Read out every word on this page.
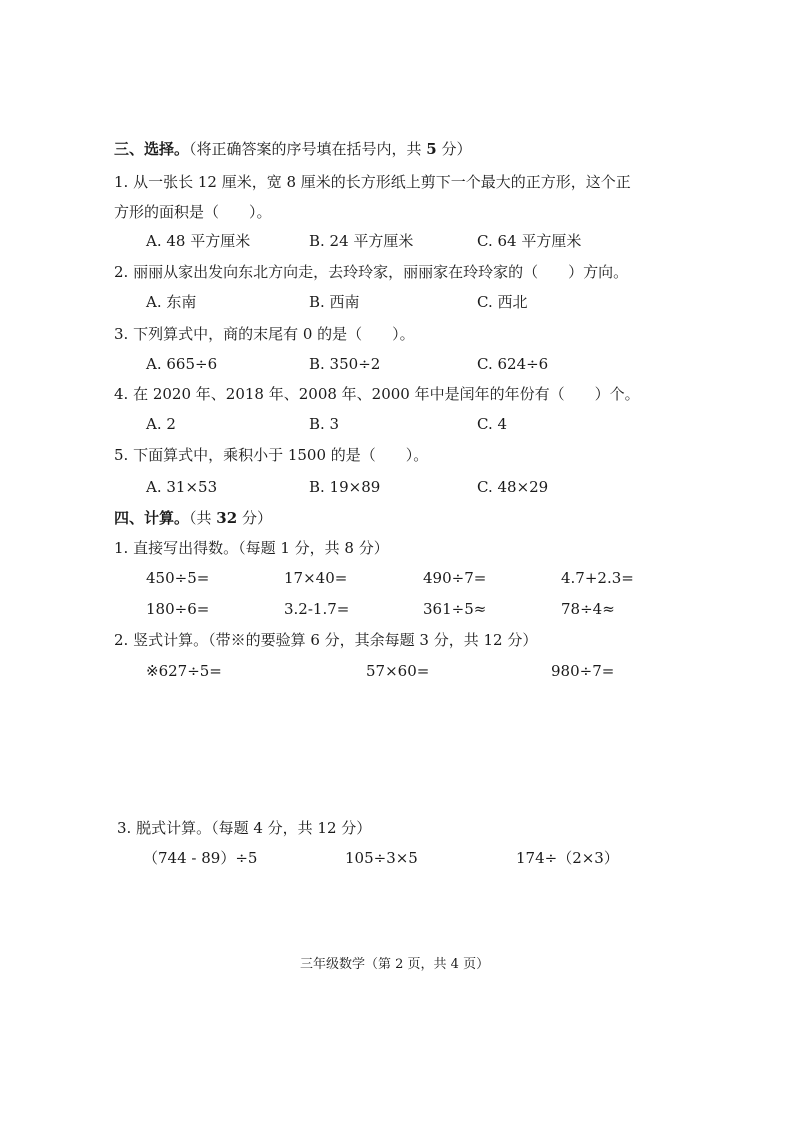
三、选择。（将正确答案的序号填在括号内，共 5 分）
1. 从一张长 12 厘米，宽 8 厘米的长方形纸上剪下一个最大的正方形，这个正
方形的面积是（　　）。
A. 48 平方厘米	B. 24 平方厘米	C. 64 平方厘米
2. 丽丽从家出发向东北方向走，去玲玲家，丽丽家在玲玲家的（　　）方向。
A. 东南	B. 西南	C. 西北
3. 下列算式中，商的末尾有 0 的是（　　）。
A. 665÷6	B. 350÷2	C. 624÷6
4. 在 2020 年、2018 年、2008 年、2000 年中是闰年的年份有（　　）个。
A. 2	B. 3	C. 4
5. 下面算式中，乘积小于 1500 的是（　　）。
A. 31×53	B. 19×89	C. 48×29
四、计算。（共 32 分）
1. 直接写出得数。（每题 1 分，共 8 分）
450÷5=	17×40=	490÷7=	4.7+2.3=
180÷6=	3.2-1.7=	361÷5≈	78÷4≈
2. 竖式计算。（带※的要验算 6 分，其余每题 3 分，共 12 分）
※627÷5=	57×60=	980÷7=
3. 脱式计算。（每题 4 分，共 12 分）
（744 - 89）÷5	105÷3×5	174÷（2×3）
三年级数学（第 2 页，共 4 页）
